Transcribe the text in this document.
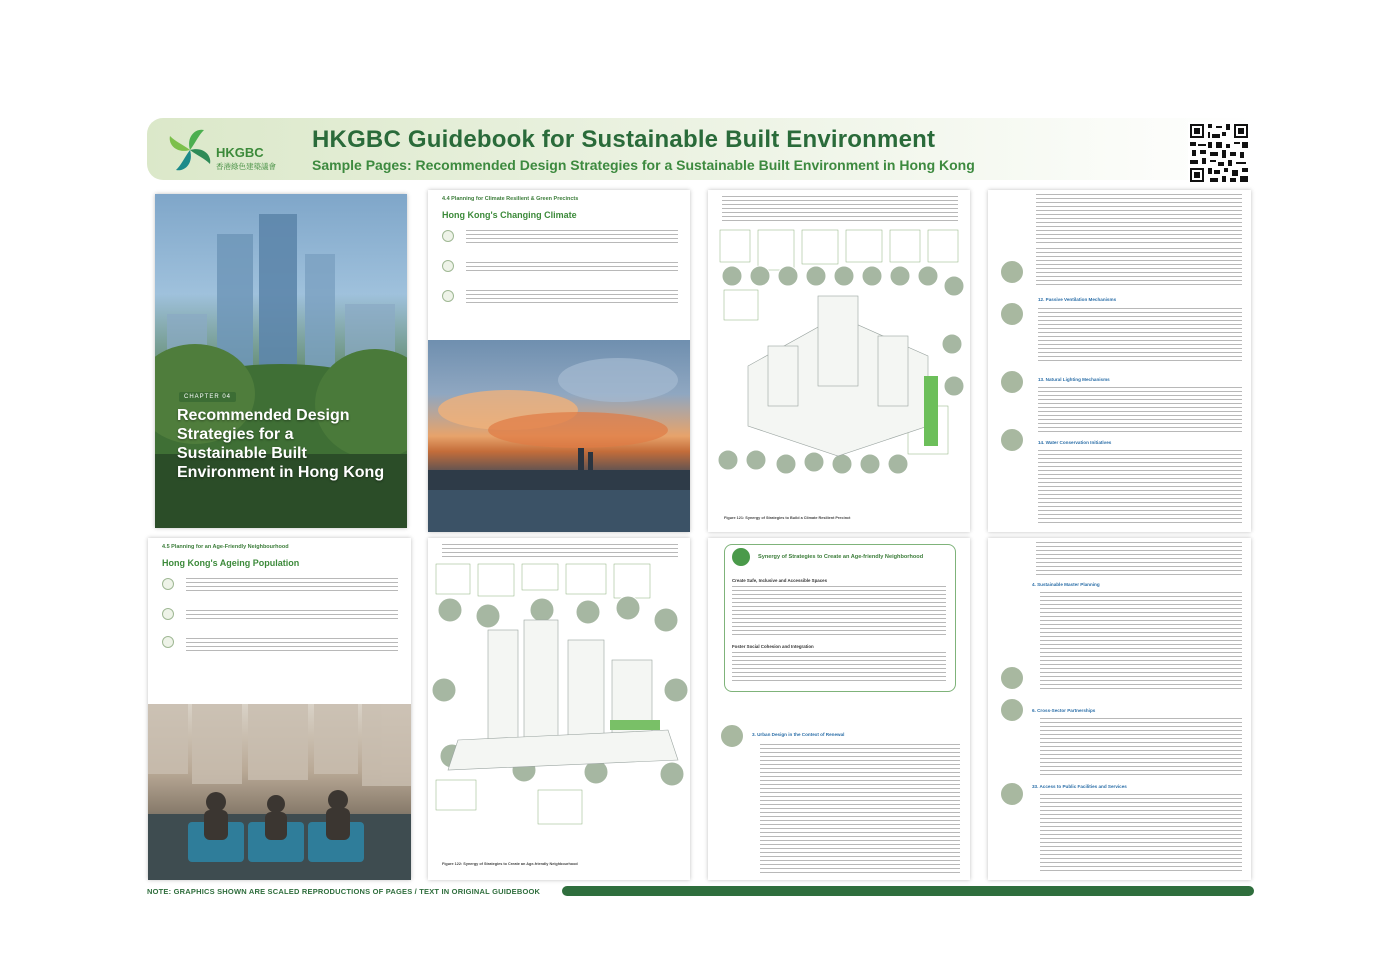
HKGBC
香港綠色建築議會
HKGBC Guidebook for Sustainable Built Environment
Sample Pages: Recommended Design Strategies for a Sustainable Built Environment in Hong Kong
CHAPTER 04
Recommended Design Strategies for a Sustainable Built Environment in Hong Kong
4.4 Planning for Climate Resilient & Green Precincts
Hong Kong's Changing Climate
Figure 121: Synergy of Strategies to Build a Climate Resilient Precinct
12. Passive Ventilation Mechanisms
13. Natural Lighting Mechanisms
14. Water Conservation Initiatives
4.5 Planning for an Age-Friendly Neighbourhood
Hong Kong's Ageing Population
Figure 122: Synergy of Strategies to Create an Age-friendly Neighbourhood
Synergy of Strategies to Create an Age-friendly Neighborhood
Create Safe, Inclusive and Accessible Spaces
Foster Social Cohesion and Integration
3. Urban Design in the Context of Renewal
4. Sustainable Master Planning
6. Cross-Sector Partnerships
33. Access to Public Facilities and Services
NOTE: GRAPHICS SHOWN ARE SCALED REPRODUCTIONS OF PAGES / TEXT IN ORIGINAL GUIDEBOOK
